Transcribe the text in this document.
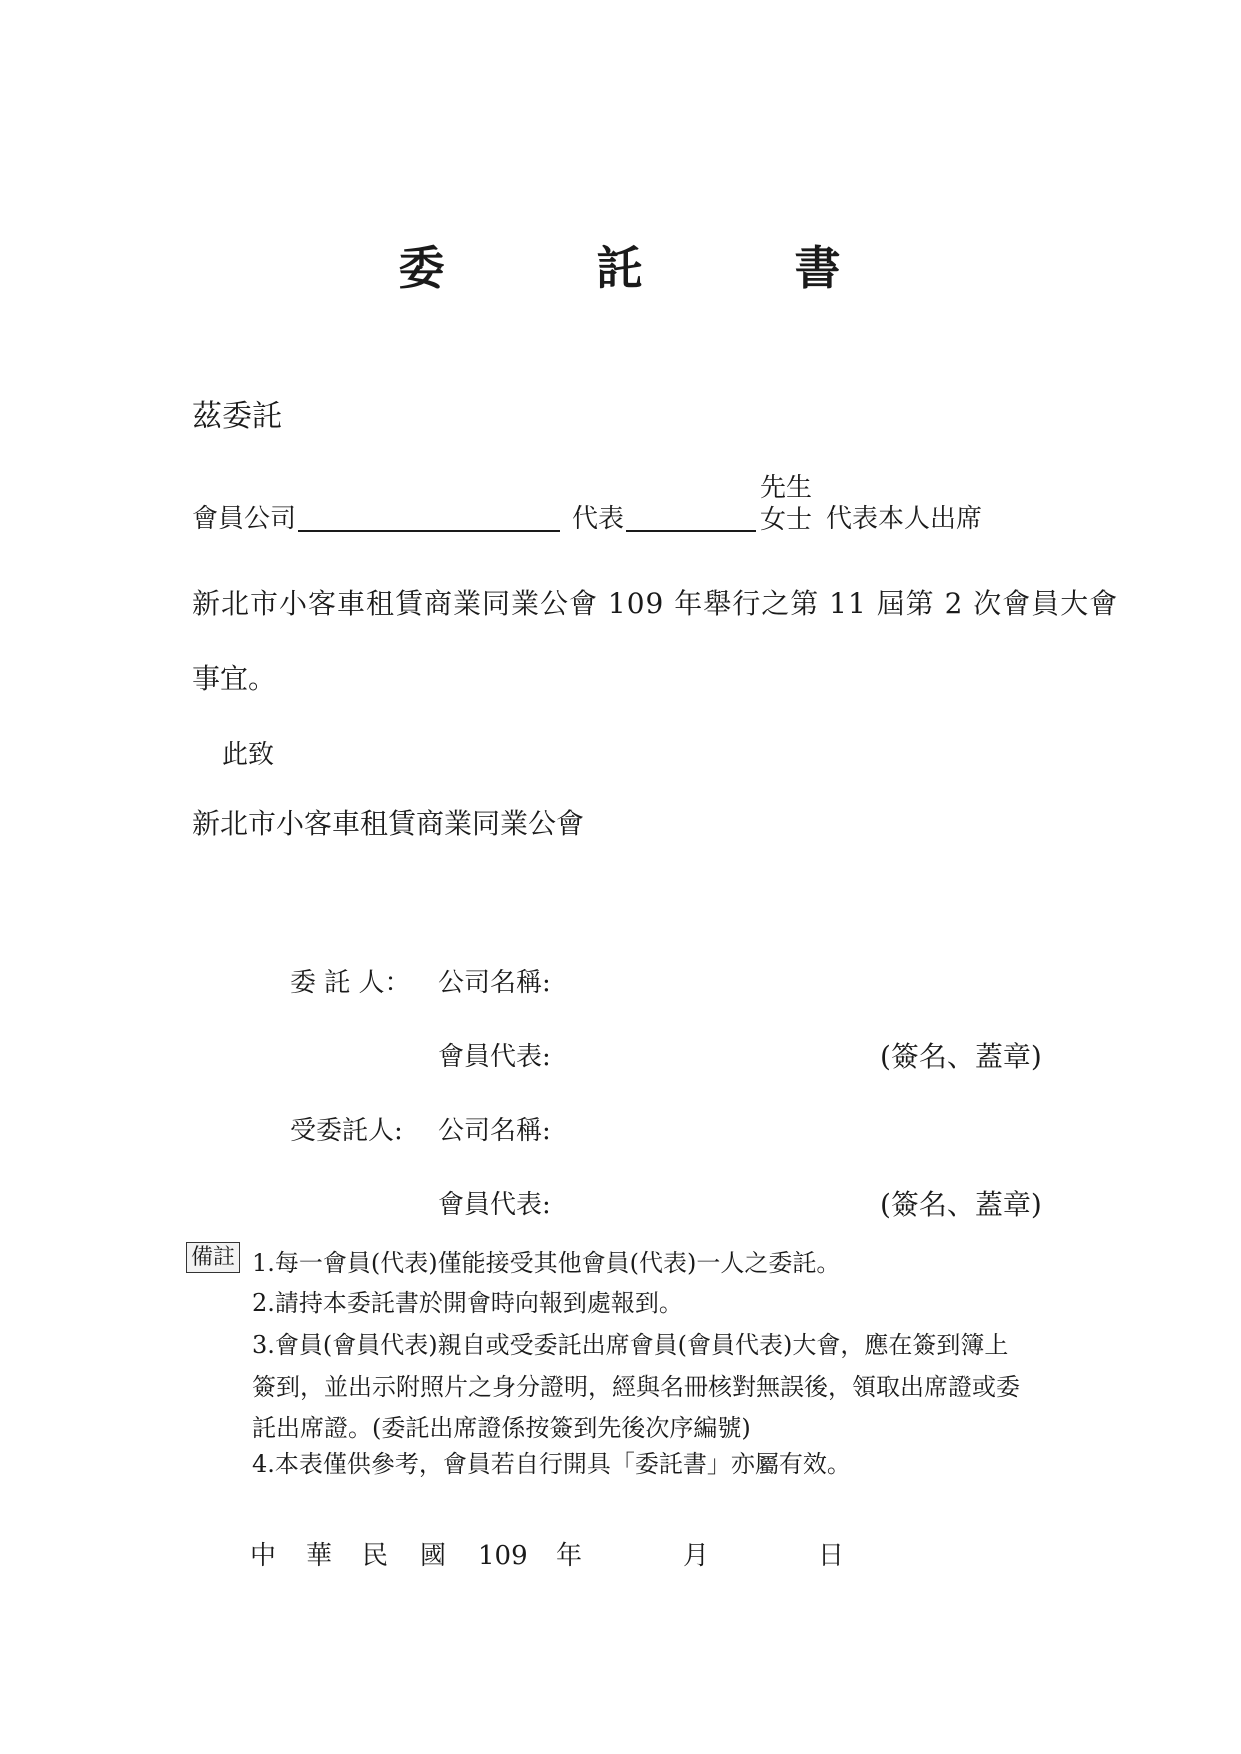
委	託	書
茲委託
會員公司	代表
先生
女士 代表本人出席
新北市小客車租賃商業同業公會 109 年舉行之第 11 屆第 2 次會員大會
事宜。
此致
新北市小客車租賃商業同業公會
委 託 人： 公司名稱:
會員代表:	(簽名、蓋章)
受委託人: 公司名稱:
會員代表:	(簽名、蓋章)
備註 1.每一會員(代表)僅能接受其他會員(代表)一人之委託。
2.請持本委託書於開會時向報到處報到。
3.會員(會員代表)親自或受委託出席會員(會員代表)大會，應在簽到簿上
簽到，並出示附照片之身分證明，經與名冊核對無誤後，領取出席證或委
託出席證。(委託出席證係按簽到先後次序編號)
4.本表僅供參考，會員若自行開具「委託書」亦屬有效。
中 華 民 國 109 年	月	日
